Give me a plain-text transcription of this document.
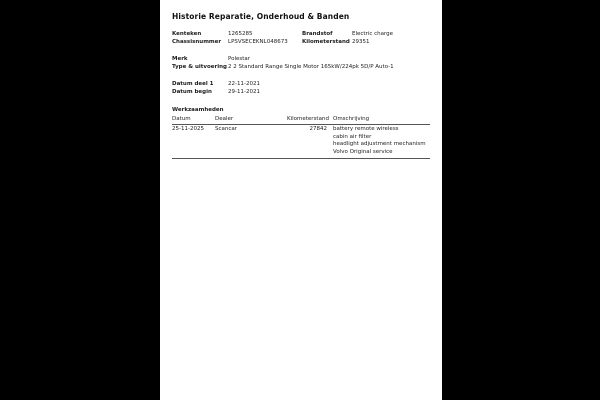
Historie Reparatie, Onderhoud & Banden
Kenteken	1265285	Brandstof	Electric charge
Chassisnummer	LPSVSECEKNL048673	Kilometerstand 29351
Merk	Polestar
Type & uitvoering 2 2 Standard Range Single Motor 165kW/224pk 5D/P Auto-1
Datum deel 1	22-11-2021
Datum begin	29-11-2021
Werkzaamheden
Datum	Dealer	Kilometerstand Omschrijving
25-11-2025	Scancar	27842 battery remote wireless
cabin air filter
headlight adjustment mechanism
Volvo Original service
